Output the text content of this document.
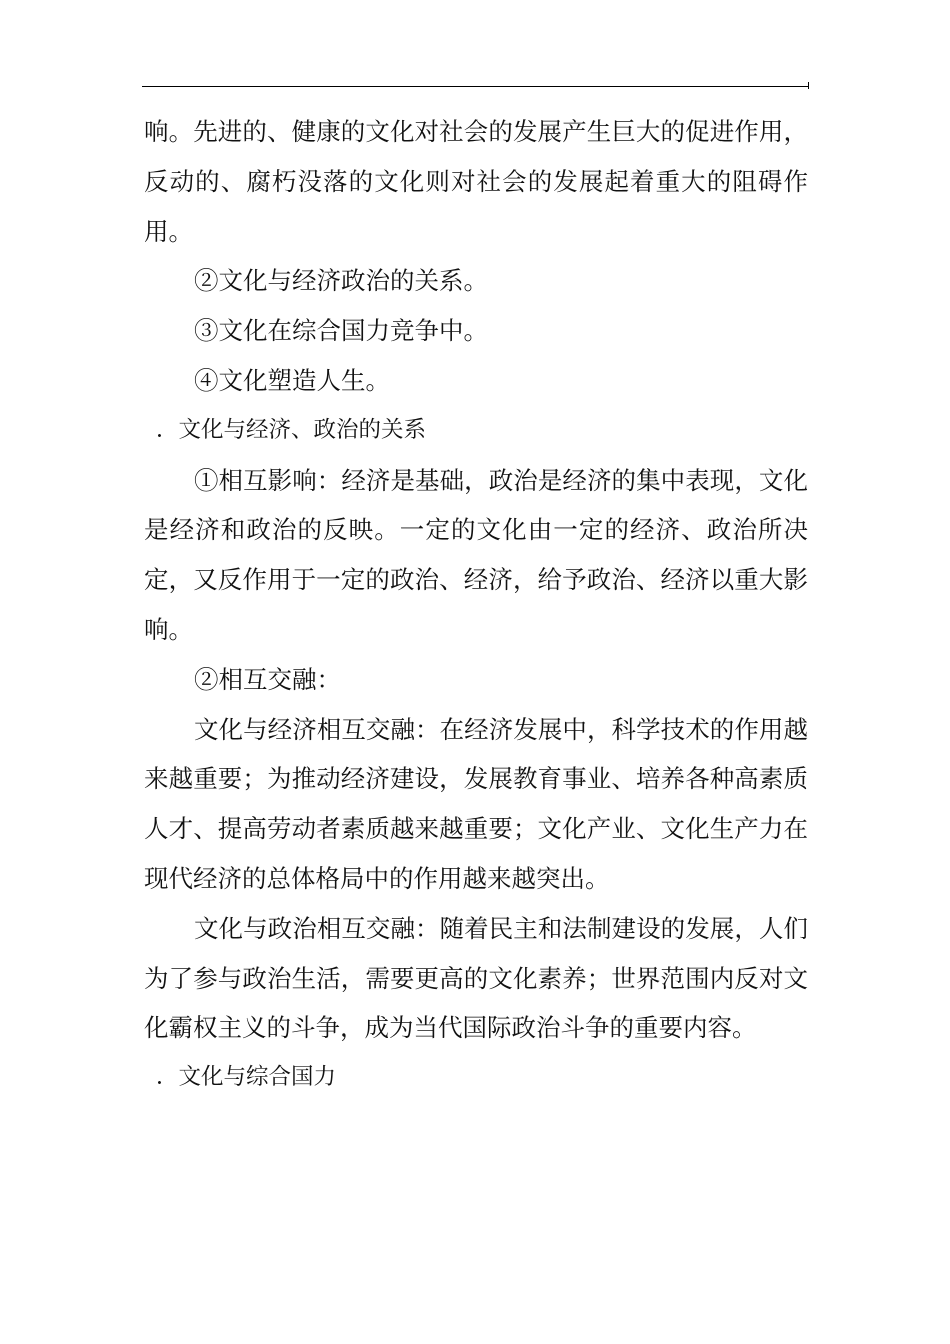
响。先进的、健康的文化对社会的发展产生巨大的促进作用，反动的、腐朽没落的文化则对社会的发展起着重大的阻碍作用。

②文化与经济政治的关系。

③文化在综合国力竞争中。

④文化塑造人生。

．文化与经济、政治的关系

①相互影响：经济是基础，政治是经济的集中表现，文化是经济和政治的反映。一定的文化由一定的经济、政治所决定，又反作用于一定的政治、经济，给予政治、经济以重大影响。

②相互交融：

文化与经济相互交融：在经济发展中，科学技术的作用越来越重要；为推动经济建设，发展教育事业、培养各种高素质人才、提高劳动者素质越来越重要；文化产业、文化生产力在现代经济的总体格局中的作用越来越突出。

文化与政治相互交融：随着民主和法制建设的发展，人们为了参与政治生活，需要更高的文化素养；世界范围内反对文化霸权主义的斗争，成为当代国际政治斗争的重要内容。

．文化与综合国力
